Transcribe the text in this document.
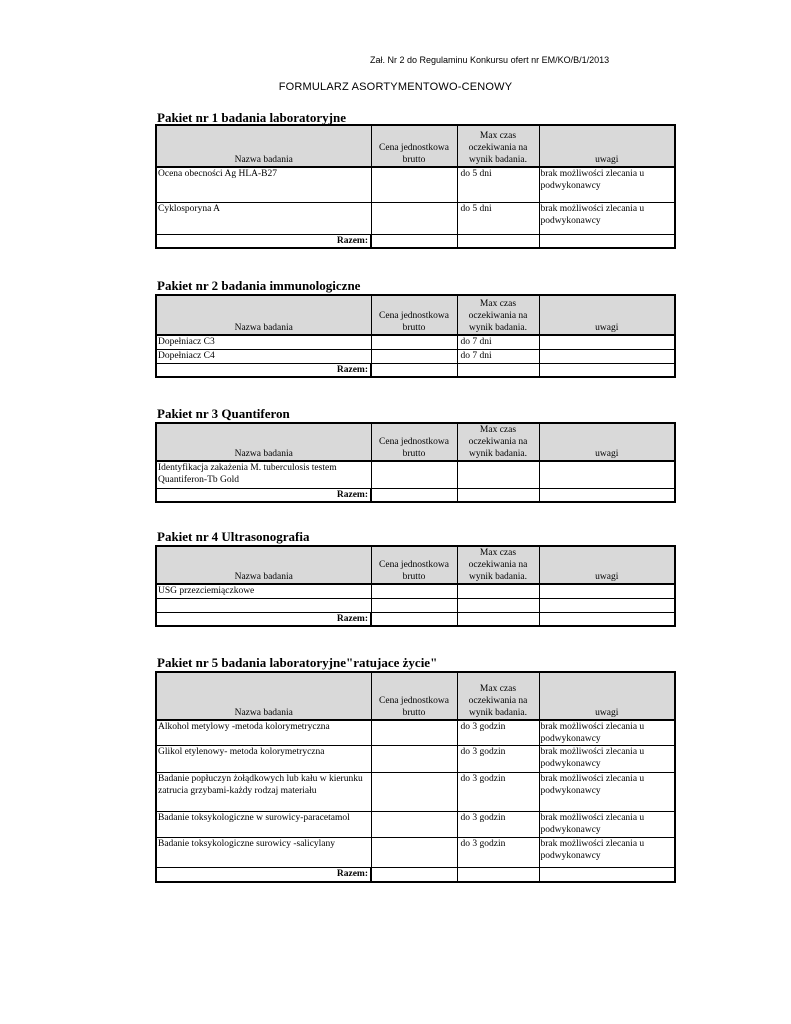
Zał. Nr 2 do Regulaminu Konkursu ofert nr EM/KO/B/1/2013
FORMULARZ ASORTYMENTOWO-CENOWY
Pakiet nr 1 badania laboratoryjne
Nazwa badania	Cena jednostkowa brutto	Max czas oczekiwania na wynik badania.	uwagi
Ocena obecności Ag HLA-B27		do 5 dni	brak możliwości zlecania u podwykonawcy
Cyklosporyna A		do 5 dni	brak możliwości zlecania u podwykonawcy
Razem:			
Pakiet nr 2 badania immunologiczne
Nazwa badania	Cena jednostkowa brutto	Max czas oczekiwania na wynik badania.	uwagi
Dopełniacz C3		do 7 dni	
Dopełniacz C4		do 7 dni	
Razem:			
Pakiet nr 3 Quantiferon
Nazwa badania	Cena jednostkowa brutto	Max czas oczekiwania na wynik badania.	uwagi
Identyfikacja zakażenia M. tuberculosis testem Quantiferon-Tb Gold			
Razem:			
Pakiet nr 4 Ultrasonografia
Nazwa badania	Cena jednostkowa brutto	Max czas oczekiwania na wynik badania.	uwagi
USG przezciemiączkowe			

Razem:			
Pakiet nr 5 badania laboratoryjne"ratujace życie"
Nazwa badania	Cena jednostkowa brutto	Max czas oczekiwania na wynik badania.	uwagi
Alkohol metylowy -metoda kolorymetryczna		do 3 godzin	brak możliwości zlecania u podwykonawcy
Glikol etylenowy- metoda kolorymetryczna		do 3 godzin	brak możliwości zlecania u podwykonawcy
Badanie popłuczyn żołądkowych lub kału w kierunku zatrucia grzybami-każdy rodzaj materiału		do 3 godzin	brak możliwości zlecania u podwykonawcy
Badanie toksykologiczne w surowicy-paracetamol		do 3 godzin	brak możliwości zlecania u podwykonawcy
Badanie toksykologiczne surowicy -salicylany		do 3 godzin	brak możliwości zlecania u podwykonawcy
Razem:			
